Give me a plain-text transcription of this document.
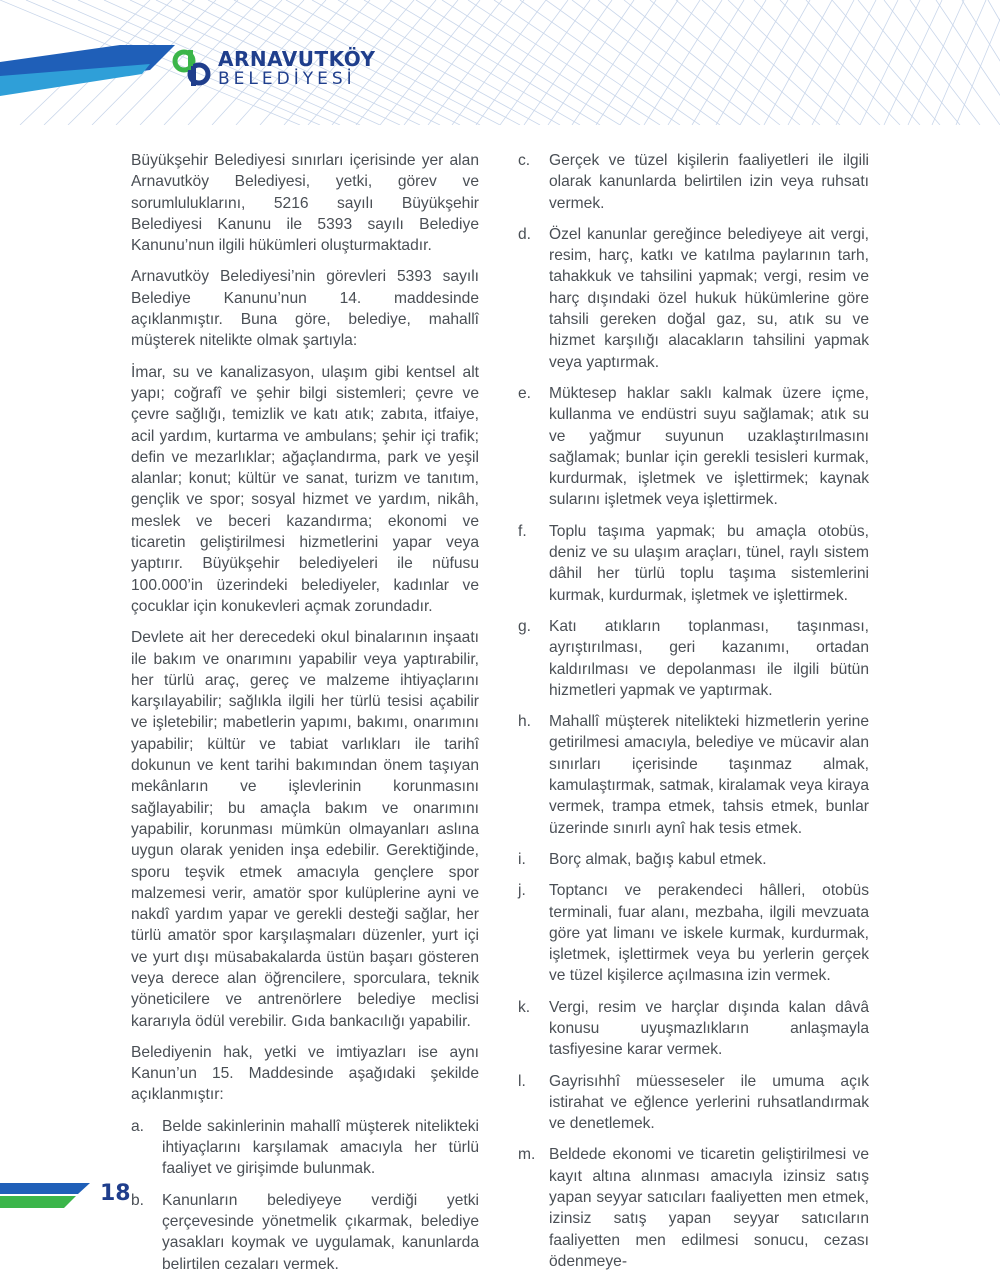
ARNAVUTKÖY
BELEDİYESİ

Büyükşehir Belediyesi sınırları içerisinde yer alan Arnavutköy Belediyesi, yetki, görev ve sorumluluklarını, 5216 sayılı Büyükşehir Belediyesi Kanunu ile 5393 sayılı Belediye Kanunu’nun ilgili hükümleri oluşturmaktadır.

Arnavutköy Belediyesi’nin görevleri 5393 sayılı Belediye Kanunu’nun 14. maddesinde açıklanmıştır. Buna göre, belediye, mahallî müşterek nitelikte olmak şartıyla:

İmar, su ve kanalizasyon, ulaşım gibi kentsel alt yapı; coğrafî ve şehir bilgi sistemleri; çevre ve çevre sağlığı, temizlik ve katı atık; zabıta, itfaiye, acil yardım, kurtarma ve ambulans; şehir içi trafik; defin ve mezarlıklar; ağaçlandırma, park ve yeşil alanlar; konut; kültür ve sanat, turizm ve tanıtım, gençlik ve spor; sosyal hizmet ve yardım, nikâh, meslek ve beceri kazandırma; ekonomi ve ticaretin geliştirilmesi hizmetlerini yapar veya yaptırır. Büyükşehir belediyeleri ile nüfusu 100.000’in üzerindeki belediyeler, kadınlar ve çocuklar için konukevleri açmak zorundadır.

Devlete ait her derecedeki okul binalarının inşaatı ile bakım ve onarımını yapabilir veya yaptırabilir, her türlü araç, gereç ve malzeme ihtiyaçlarını karşılayabilir; sağlıkla ilgili her türlü tesisi açabilir ve işletebilir; mabetlerin yapımı, bakımı, onarımını yapabilir; kültür ve tabiat varlıkları ile tarihî dokunun ve kent tarihi bakımından önem taşıyan mekânların ve işlevlerinin korunmasını sağlayabilir; bu amaçla bakım ve onarımını yapabilir, korunması mümkün olmayanları aslına uygun olarak yeniden inşa edebilir. Gerektiğinde, sporu teşvik etmek amacıyla gençlere spor malzemesi verir, amatör spor kulüplerine ayni ve nakdî yardım yapar ve gerekli desteği sağlar, her türlü amatör spor karşılaşmaları düzenler, yurt içi ve yurt dışı müsabakalarda üstün başarı gösteren veya derece alan öğrencilere, sporculara, teknik yöneticilere ve antrenörlere belediye meclisi kararıyla ödül verebilir. Gıda bankacılığı yapabilir.

Belediyenin hak, yetki ve imtiyazları ise aynı Kanun’un 15. Maddesinde aşağıdaki şekilde açıklanmıştır:

a.	Belde sakinlerinin mahallî müşterek nitelikteki ihtiyaçlarını karşılamak amacıyla her türlü faaliyet ve girişimde bulunmak.
b.	Kanunların belediyeye verdiği yetki çerçevesinde yönetmelik çıkarmak, belediye yasakları koymak ve uygulamak, kanunlarda belirtilen cezaları vermek.
c.	Gerçek ve tüzel kişilerin faaliyetleri ile ilgili olarak kanunlarda belirtilen izin veya ruhsatı vermek.
d.	Özel kanunlar gereğince belediyeye ait vergi, resim, harç, katkı ve katılma paylarının tarh, tahakkuk ve tahsilini yapmak; vergi, resim ve harç dışındaki özel hukuk hükümlerine göre tahsili gereken doğal gaz, su, atık su ve hizmet karşılığı alacakların tahsilini yapmak veya yaptırmak.
e.	Müktesep haklar saklı kalmak üzere içme, kullanma ve endüstri suyu sağlamak; atık su ve yağmur suyunun uzaklaştırılmasını sağlamak; bunlar için gerekli tesisleri kurmak, kurdurmak, işletmek ve işlettirmek; kaynak sularını işletmek veya işlettirmek.
f.	Toplu taşıma yapmak; bu amaçla otobüs, deniz ve su ulaşım araçları, tünel, raylı sistem dâhil her türlü toplu taşıma sistemlerini kurmak, kurdurmak, işletmek ve işlettirmek.
g.	Katı atıkların toplanması, taşınması, ayrıştırılması, geri kazanımı, ortadan kaldırılması ve depolanması ile ilgili bütün hizmetleri yapmak ve yaptırmak.
h.	Mahallî müşterek nitelikteki hizmetlerin yerine getirilmesi amacıyla, belediye ve mücavir alan sınırları içerisinde taşınmaz almak, kamulaştırmak, satmak, kiralamak veya kiraya vermek, trampa etmek, tahsis etmek, bunlar üzerinde sınırlı aynî hak tesis etmek.
i.	Borç almak, bağış kabul etmek.
j.	Toptancı ve perakendeci hâlleri, otobüs terminali, fuar alanı, mezbaha, ilgili mevzuata göre yat limanı ve iskele kurmak, kurdurmak, işletmek, işlettirmek veya bu yerlerin gerçek ve tüzel kişilerce açılmasına izin vermek.
k.	Vergi, resim ve harçlar dışında kalan dâvâ konusu uyuşmazlıkların anlaşmayla tasfiyesine karar vermek.
l.	Gayrisıhhî müesseseler ile umuma açık istirahat ve eğlence yerlerini ruhsatlandırmak ve denetlemek.
m. Beldede ekonomi ve ticaretin geliştirilmesi ve kayıt altına alınması amacıyla izinsiz satış yapan seyyar satıcıları faaliyetten men etmek, izinsiz satış yapan seyyar satıcıların faaliyetten men edilmesi sonucu, cezası ödenmeye-
18
